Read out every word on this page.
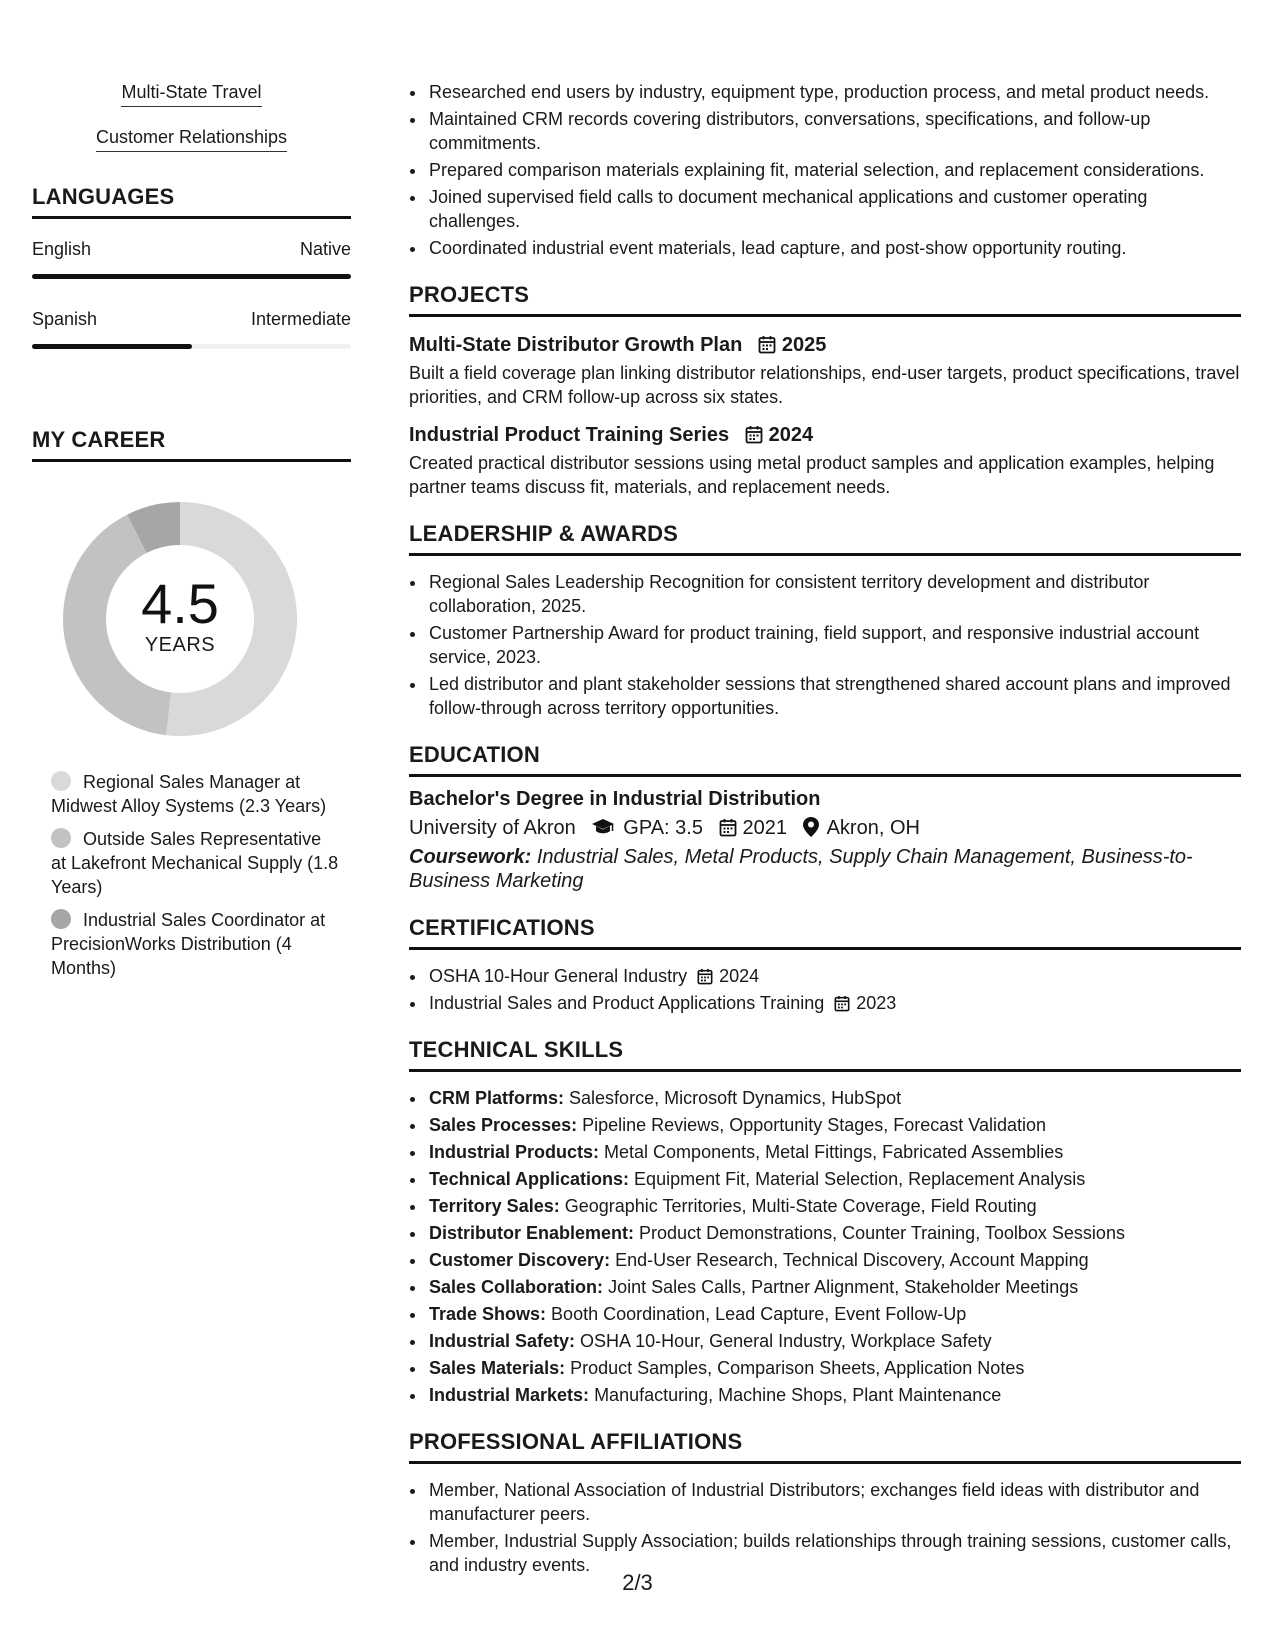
Multi-State Travel
Customer Relationships
LANGUAGES
English	Native
Spanish	Intermediate
MY CAREER
4.5
YEARS
Regional Sales Manager at Midwest Alloy Systems (2.3 Years)
Outside Sales Representative at Lakefront Mechanical Supply (1.8 Years)
Industrial Sales Coordinator at PrecisionWorks Distribution (4 Months)
• Researched end users by industry, equipment type, production process, and metal product needs.
• Maintained CRM records covering distributors, conversations, specifications, and follow-up commitments.
• Prepared comparison materials explaining fit, material selection, and replacement considerations.
• Joined supervised field calls to document mechanical applications and customer operating challenges.
• Coordinated industrial event materials, lead capture, and post-show opportunity routing.
PROJECTS
Multi-State Distributor Growth Plan 2025
Built a field coverage plan linking distributor relationships, end-user targets, product specifications, travel priorities, and CRM follow-up across six states.
Industrial Product Training Series 2024
Created practical distributor sessions using metal product samples and application examples, helping partner teams discuss fit, materials, and replacement needs.
LEADERSHIP & AWARDS
• Regional Sales Leadership Recognition for consistent territory development and distributor collaboration, 2025.
• Customer Partnership Award for product training, field support, and responsive industrial account service, 2023.
• Led distributor and plant stakeholder sessions that strengthened shared account plans and improved follow-through across territory opportunities.
EDUCATION
Bachelor's Degree in Industrial Distribution
University of Akron GPA: 3.5 2021 Akron, OH
Coursework: Industrial Sales, Metal Products, Supply Chain Management, Business-to-Business Marketing
CERTIFICATIONS
• OSHA 10-Hour General Industry 2024
• Industrial Sales and Product Applications Training 2023
TECHNICAL SKILLS
• CRM Platforms: Salesforce, Microsoft Dynamics, HubSpot
• Sales Processes: Pipeline Reviews, Opportunity Stages, Forecast Validation
• Industrial Products: Metal Components, Metal Fittings, Fabricated Assemblies
• Technical Applications: Equipment Fit, Material Selection, Replacement Analysis
• Territory Sales: Geographic Territories, Multi-State Coverage, Field Routing
• Distributor Enablement: Product Demonstrations, Counter Training, Toolbox Sessions
• Customer Discovery: End-User Research, Technical Discovery, Account Mapping
• Sales Collaboration: Joint Sales Calls, Partner Alignment, Stakeholder Meetings
• Trade Shows: Booth Coordination, Lead Capture, Event Follow-Up
• Industrial Safety: OSHA 10-Hour, General Industry, Workplace Safety
• Sales Materials: Product Samples, Comparison Sheets, Application Notes
• Industrial Markets: Manufacturing, Machine Shops, Plant Maintenance
PROFESSIONAL AFFILIATIONS
• Member, National Association of Industrial Distributors; exchanges field ideas with distributor and manufacturer peers.
• Member, Industrial Supply Association; builds relationships through training sessions, customer calls, and industry events.
2/3
